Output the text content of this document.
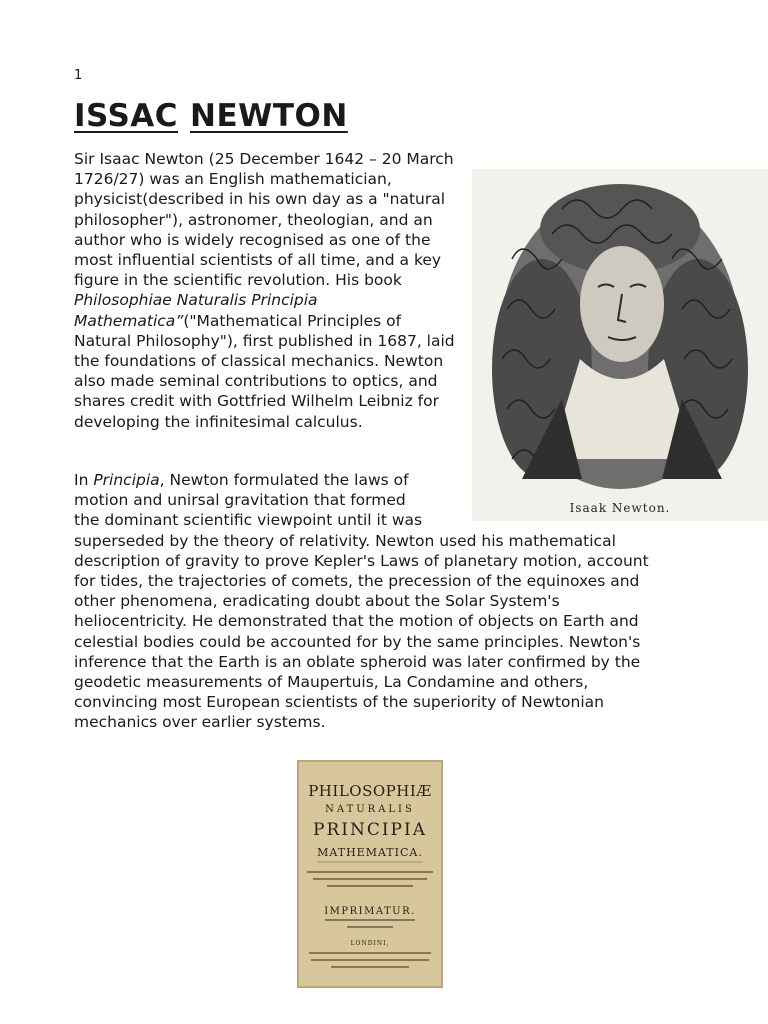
1
ISSAC NEWTON

Sir Isaac Newton (25 December 1642 – 20 March
1726/27) was an English mathematician,
physicist(described in his own day as a "natural
philosopher"), astronomer, theologian, and an
author who is widely recognised as one of the
most influential scientists of all time, and a key
figure in the scientific revolution. His book
Philosophiae Naturalis Principia
Mathematica”("Mathematical Principles of
Natural Philosophy"), first published in 1687, laid
the foundations of classical mechanics. Newton
also made seminal contributions to optics, and
shares credit with Gottfried Wilhelm Leibniz for
developing the infinitesimal calculus.

Isaak Newton.

In Principia, Newton formulated the laws of
motion and unirsal gravitation that formed
the dominant scientific viewpoint until it was
superseded by the theory of relativity. Newton used his mathematical
description of gravity to prove Kepler's Laws of planetary motion, account
for tides, the trajectories of comets, the precession of the equinoxes and
other phenomena, eradicating doubt about the Solar System's
heliocentricity. He demonstrated that the motion of objects on Earth and
celestial bodies could be accounted for by the same principles. Newton's
inference that the Earth is an oblate spheroid was later confirmed by the
geodetic measurements of Maupertuis, La Condamine and others,
convincing most European scientists of the superiority of Newtonian
mechanics over earlier systems.

PHILOSOPHIÆ
NATURALIS
PRINCIPIA
MATHEMATICA.
IMPRIMATUR.
LONDINI,
